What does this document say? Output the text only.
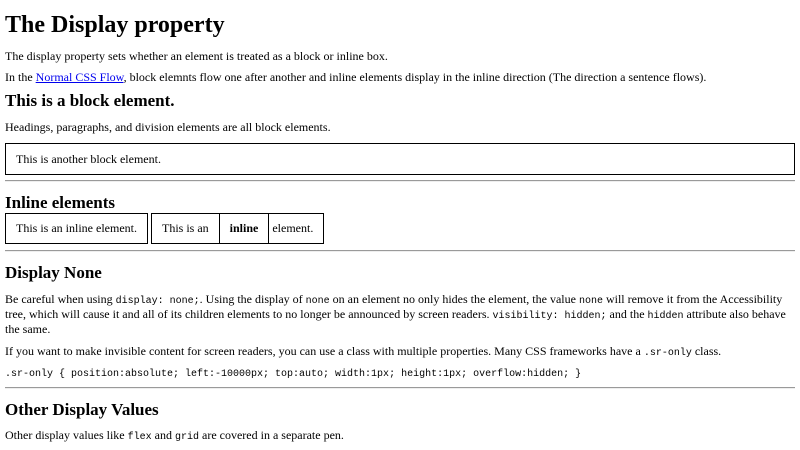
The Display property

The display property sets whether an element is treated as a block or inline box.

In the Normal CSS Flow, block elemnts flow one after another and inline elements display in the inline direction (The direction a sentence flows).

This is a block element.

Headings, paragraphs, and division elements are all block elements.

This is another block element.
Inline elements
This is an inline element.	This is an	inline	element.
Display None

Be careful when using display: none;. Using the display of none on an element no only hides the element, the value none will remove it from the Accessibility tree, which will cause it and all of its children elements to no longer be announced by screen readers. visibility: hidden; and the hidden attribute also behave the same.

If you want to make invisible content for screen readers, you can use a class with multiple properties. Many CSS frameworks have a .sr-only class.

.sr-only { position:absolute; left:-10000px; top:auto; width:1px; height:1px; overflow:hidden; }
Other Display Values

Other display values like flex and grid are covered in a separate pen.
